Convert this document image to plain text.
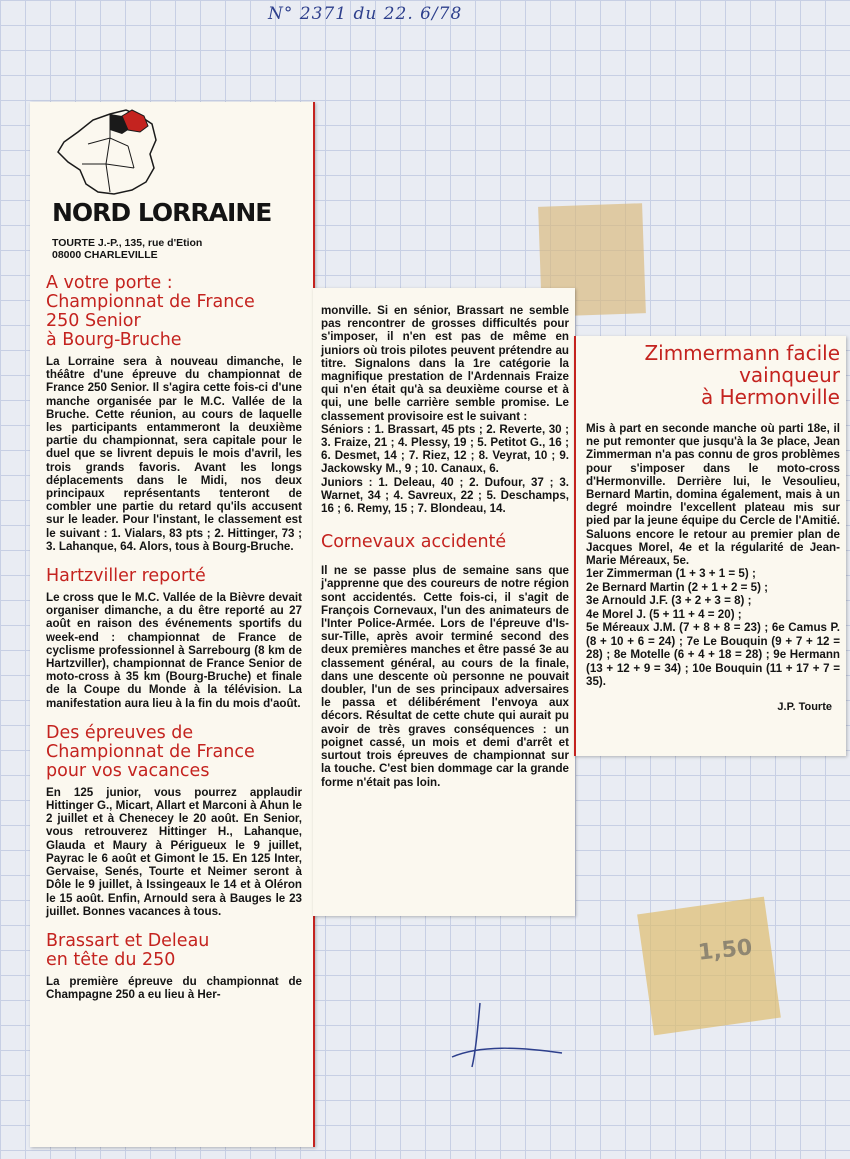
N° 2371 du 22. 6/78
NORD LORRAINE
TOURTE J.-P., 135, rue d'Etion
08000 CHARLEVILLE
A votre porte :
Championnat de France
250 Senior
à Bourg-Bruche

La Lorraine sera à nouveau dimanche, le théâtre d'une épreuve du championnat de France 250 Senior. Il s'agira cette fois-ci d'une manche organisée par le M.C. Vallée de la Bruche. Cette réunion, au cours de laquelle les participants entammeront la deuxième partie du championnat, sera capitale pour le duel que se livrent depuis le mois d'avril, les trois grands favoris. Avant les longs déplacements dans le Midi, nos deux principaux représentants tenteront de combler une partie du retard qu'ils accusent sur le leader. Pour l'instant, le classement est le suivant : 1. Vialars, 83 pts ; 2. Hittinger, 73 ; 3. Lahanque, 64. Alors, tous à Bourg-Bruche.

Hartzviller reporté

Le cross que le M.C. Vallée de la Bièvre devait organiser dimanche, a du être reporté au 27 août en raison des événements sportifs du week-end : championnat de France de cyclisme professionnel à Sarrebourg (8 km de Hartzviller), championnat de France Senior de moto-cross à 35 km (Bourg-Bruche) et finale de la Coupe du Monde à la télévision. La manifestation aura lieu à la fin du mois d'août.

Des épreuves de
Championnat de France
pour vos vacances

En 125 junior, vous pourrez applaudir Hittinger G., Micart, Allart et Marconi à Ahun le 2 juillet et à Chenecey le 20 août. En Senior, vous retrouverez Hittinger H., Lahanque, Glauda et Maury à Périgueux le 9 juillet, Payrac le 6 août et Gimont le 15. En 125 Inter, Gervaise, Senés, Tourte et Neimer seront à Dôle le 9 juillet, à Issingeaux le 14 et à Oléron le 15 août. Enfin, Arnould sera à Bauges le 23 juillet. Bonnes vacances à tous.

Brassart et Deleau
en tête du 250

La première épreuve du championnat de Champagne 250 a eu lieu à Her-

monville. Si en sénior, Brassart ne semble pas rencontrer de grosses difficultés pour s'imposer, il n'en est pas de même en juniors où trois pilotes peuvent prétendre au titre. Signalons dans la 1re catégorie la magnifique prestation de l'Ardennais Fraize qui n'en était qu'à sa deuxième course et à qui, une belle carrière semble promise. Le classement provisoire est le suivant :

Séniors : 1. Brassart, 45 pts ; 2. Reverte, 30 ; 3. Fraize, 21 ; 4. Plessy, 19 ; 5. Petitot G., 16 ; 6. Desmet, 14 ; 7. Riez, 12 ; 8. Veyrat, 10 ; 9. Jackowsky M., 9 ; 10. Canaux, 6.

Juniors : 1. Deleau, 40 ; 2. Dufour, 37 ; 3. Warnet, 34 ; 4. Savreux, 22 ; 5. Deschamps, 16 ; 6. Remy, 15 ; 7. Blondeau, 14.

Cornevaux accidenté

Il ne se passe plus de semaine sans que j'apprenne que des coureurs de notre région sont accidentés. Cette fois-ci, il s'agit de François Cornevaux, l'un des animateurs de l'Inter Police-Armée. Lors de l'épreuve d'Is-sur-Tille, après avoir terminé second des deux premières manches et être passé 3e au classement général, au cours de la finale, dans une descente où personne ne pouvait doubler, l'un de ses principaux adversaires le passa et délibérément l'envoya aux décors. Résultat de cette chute qui aurait pu avoir de très graves conséquences : un poignet cassé, un mois et demi d'arrêt et surtout trois épreuves de championnat sur la touche. C'est bien dommage car la grande forme n'était pas loin.

Zimmermann facile
vainqueur
à Hermonville

Mis à part en seconde manche où parti 18e, il ne put remonter que jusqu'à la 3e place, Jean Zimmerman n'a pas connu de gros problèmes pour s'imposer dans le moto-cross d'Hermonville. Derrière lui, le Vesoulieu, Bernard Martin, domina également, mais à un degré moindre l'excellent plateau mis sur pied par la jeune équipe du Cercle de l'Amitié. Saluons encore le retour au premier plan de Jacques Morel, 4e et la régularité de Jean-Marie Méreaux, 5e.

1er Zimmerman (1 + 3 + 1 = 5) ;
2e Bernard Martin (2 + 1 + 2 = 5) ;
3e Arnould J.F. (3 + 2 + 3 = 8) ;
4e Morel J. (5 + 11 + 4 = 20) ;
5e Méreaux J.M. (7 + 8 + 8 = 23) ; 6e Camus P. (8 + 10 + 6 = 24) ; 7e Le Bouquin (9 + 7 + 12 = 28) ; 8e Motelle (6 + 4 + 18 = 28) ; 9e Hermann (13 + 12 + 9 = 34) ; 10e Bouquin (11 + 17 + 7 = 35).
J.P. Tourte
1,50
